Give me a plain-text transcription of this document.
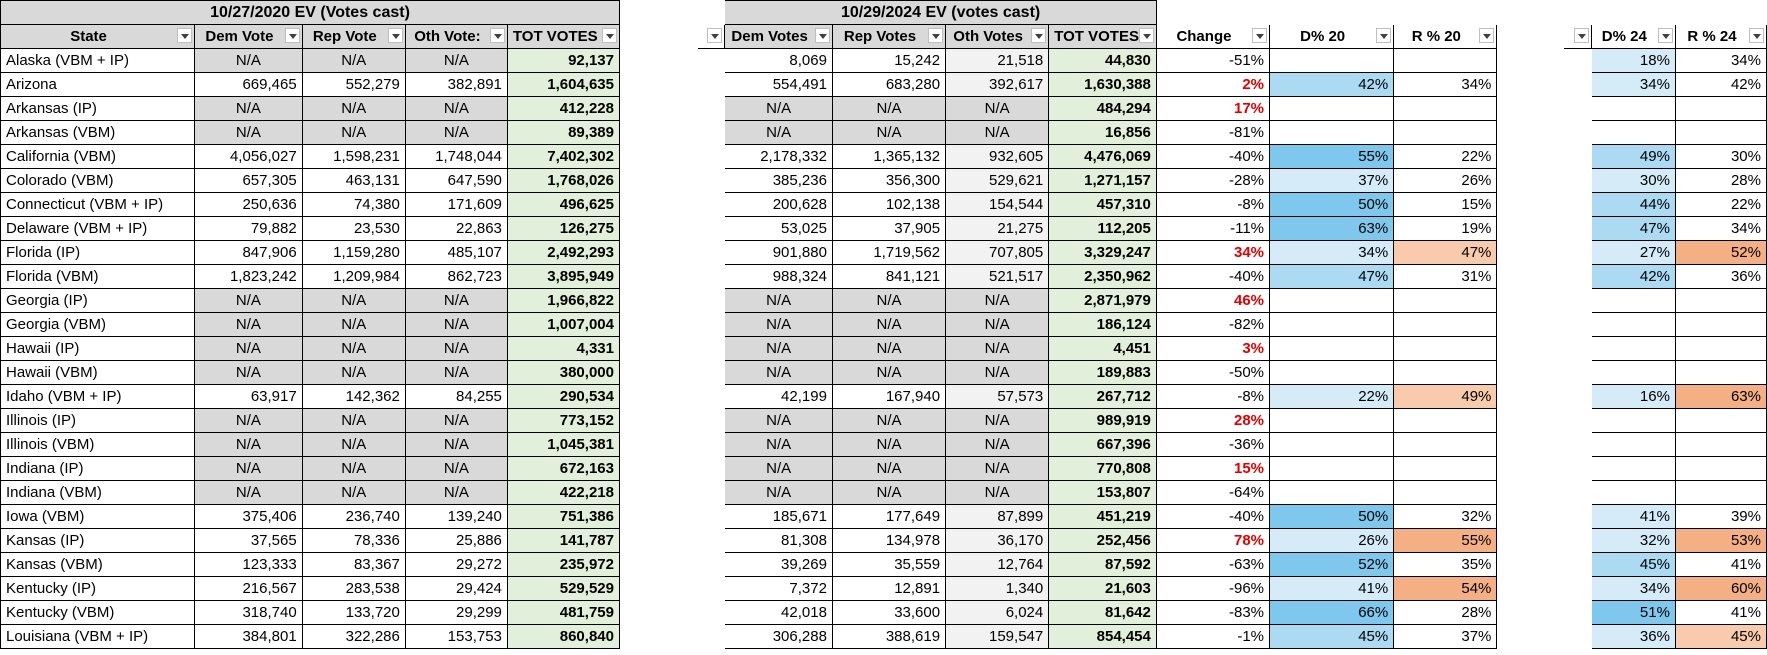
10/27/2020 EV (Votes cast)							10/29/2024 EV (votes cast)										

State	Dem Vote	Rep Vote	Oth Vote:	TOT VOTES			Dem Votes	Rep Votes	Oth Votes	TOT VOTES	Change	D% 20	R % 20			D% 24	R % 24

Alaska (VBM + IP)	N/A	N/A	N/A	92,137			8,069	15,242	21,518	44,830	-51%					18%	34%
Arizona	669,465	552,279	382,891	1,604,635			554,491	683,280	392,617	1,630,388	2%	42%	34%			34%	42%
Arkansas (IP)	N/A	N/A	N/A	412,228			N/A	N/A	N/A	484,294	17%						
Arkansas (VBM)	N/A	N/A	N/A	89,389			N/A	N/A	N/A	16,856	-81%						
California (VBM)	4,056,027	1,598,231	1,748,044	7,402,302			2,178,332	1,365,132	932,605	4,476,069	-40%	55%	22%			49%	30%
Colorado (VBM)	657,305	463,131	647,590	1,768,026			385,236	356,300	529,621	1,271,157	-28%	37%	26%			30%	28%
Connecticut (VBM + IP)	250,636	74,380	171,609	496,625			200,628	102,138	154,544	457,310	-8%	50%	15%			44%	22%
Delaware (VBM + IP)	79,882	23,530	22,863	126,275			53,025	37,905	21,275	112,205	-11%	63%	19%			47%	34%
Florida (IP)	847,906	1,159,280	485,107	2,492,293			901,880	1,719,562	707,805	3,329,247	34%	34%	47%			27%	52%
Florida (VBM)	1,823,242	1,209,984	862,723	3,895,949			988,324	841,121	521,517	2,350,962	-40%	47%	31%			42%	36%
Georgia (IP)	N/A	N/A	N/A	1,966,822			N/A	N/A	N/A	2,871,979	46%						
Georgia (VBM)	N/A	N/A	N/A	1,007,004			N/A	N/A	N/A	186,124	-82%						
Hawaii (IP)	N/A	N/A	N/A	4,331			N/A	N/A	N/A	4,451	3%						
Hawaii (VBM)	N/A	N/A	N/A	380,000			N/A	N/A	N/A	189,883	-50%						
Idaho (VBM + IP)	63,917	142,362	84,255	290,534			42,199	167,940	57,573	267,712	-8%	22%	49%			16%	63%
Illinois (IP)	N/A	N/A	N/A	773,152			N/A	N/A	N/A	989,919	28%						
Illinois (VBM)	N/A	N/A	N/A	1,045,381			N/A	N/A	N/A	667,396	-36%						
Indiana (IP)	N/A	N/A	N/A	672,163			N/A	N/A	N/A	770,808	15%						
Indiana (VBM)	N/A	N/A	N/A	422,218			N/A	N/A	N/A	153,807	-64%						
Iowa (VBM)	375,406	236,740	139,240	751,386			185,671	177,649	87,899	451,219	-40%	50%	32%			41%	39%
Kansas (IP)	37,565	78,336	25,886	141,787			81,308	134,978	36,170	252,456	78%	26%	55%			32%	53%
Kansas (VBM)	123,333	83,367	29,272	235,972			39,269	35,559	12,764	87,592	-63%	52%	35%			45%	41%
Kentucky (IP)	216,567	283,538	29,424	529,529			7,372	12,891	1,340	21,603	-96%	41%	54%			34%	60%
Kentucky (VBM)	318,740	133,720	29,299	481,759			42,018	33,600	6,024	81,642	-83%	66%	28%			51%	41%
Louisiana (VBM + IP)	384,801	322,286	153,753	860,840			306,288	388,619	159,547	854,454	-1%	45%	37%			36%	45%
